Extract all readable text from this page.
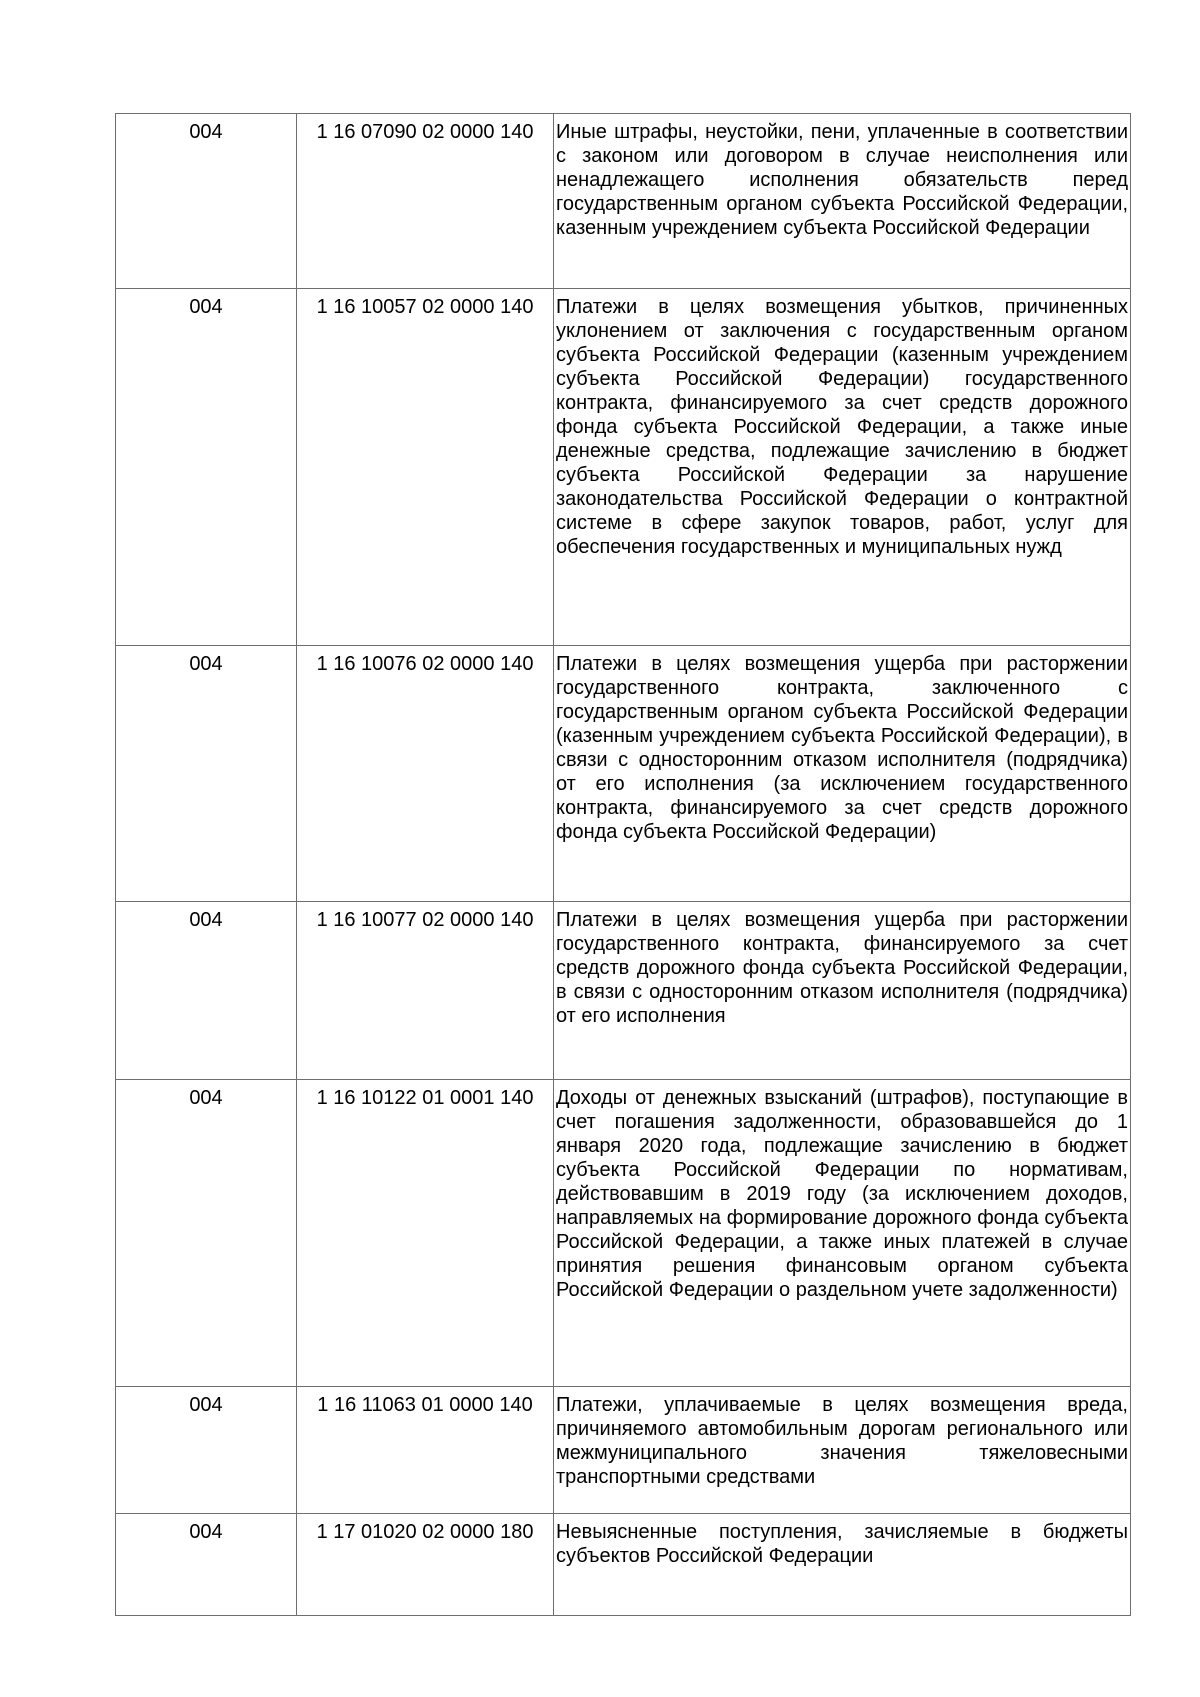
004	1 16 07090 02 0000 140	Иные штрафы, неустойки, пени, уплаченные в соответствии с законом или договором в случае неисполнения или ненадлежащего исполнения обязательств перед государственным органом субъекта Российской Федерации, казенным учреждением субъекта Российской Федерации
004	1 16 10057 02 0000 140	Платежи в целях возмещения убытков, причиненных уклонением от заключения с государственным органом субъекта Российской Федерации (казенным учреждением субъекта Российской Федерации) государственного контракта, финансируемого за счет средств дорожного фонда субъекта Российской Федерации, а также иные денежные средства, подлежащие зачислению в бюджет субъекта Российской Федерации за нарушение законодательства Российской Федерации о контрактной системе в сфере закупок товаров, работ, услуг для обеспечения государственных и муниципальных нужд
004	1 16 10076 02 0000 140	Платежи в целях возмещения ущерба при расторжении государственного контракта, заключенного с государственным органом субъекта Российской Федерации (казенным учреждением субъекта Российской Федерации), в связи с односторонним отказом исполнителя (подрядчика) от его исполнения (за исключением государственного контракта, финансируемого за счет средств дорожного фонда субъекта Российской Федерации)
004	1 16 10077 02 0000 140	Платежи в целях возмещения ущерба при расторжении государственного контракта, финансируемого за счет средств дорожного фонда субъекта Российской Федерации, в связи с односторонним отказом исполнителя (подрядчика) от его исполнения
004	1 16 10122 01 0001 140	Доходы от денежных взысканий (штрафов), поступающие в счет погашения задолженности, образовавшейся до 1 января 2020 года, подлежащие зачислению в бюджет субъекта Российской Федерации по нормативам, действовавшим в 2019 году (за исключением доходов, направляемых на формирование дорожного фонда субъекта Российской Федерации, а также иных платежей в случае принятия решения финансовым органом субъекта Российской Федерации о раздельном учете задолженности)
004	1 16 11063 01 0000 140	Платежи, уплачиваемые в целях возмещения вреда, причиняемого автомобильным дорогам регионального или межмуниципального значения тяжеловесными транспортными средствами
004	1 17 01020 02 0000 180	Невыясненные поступления, зачисляемые в бюджеты субъектов Российской Федерации
